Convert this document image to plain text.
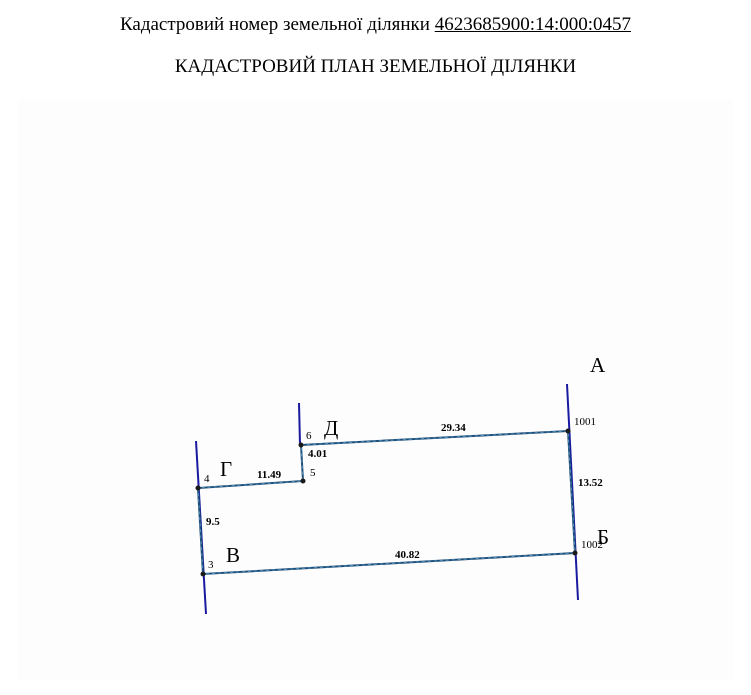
Кадастровий номер земельної ділянки 4623685900:14:000:0457
КАДАСТРОВИЙ ПЛАН ЗЕМЕЛЬНОЇ ДІЛЯНКИ
1001
1002
3
4	5
6
29.34
13.52
40.82
9.5
11.49
4.01
А
Б
В
Г
Д
